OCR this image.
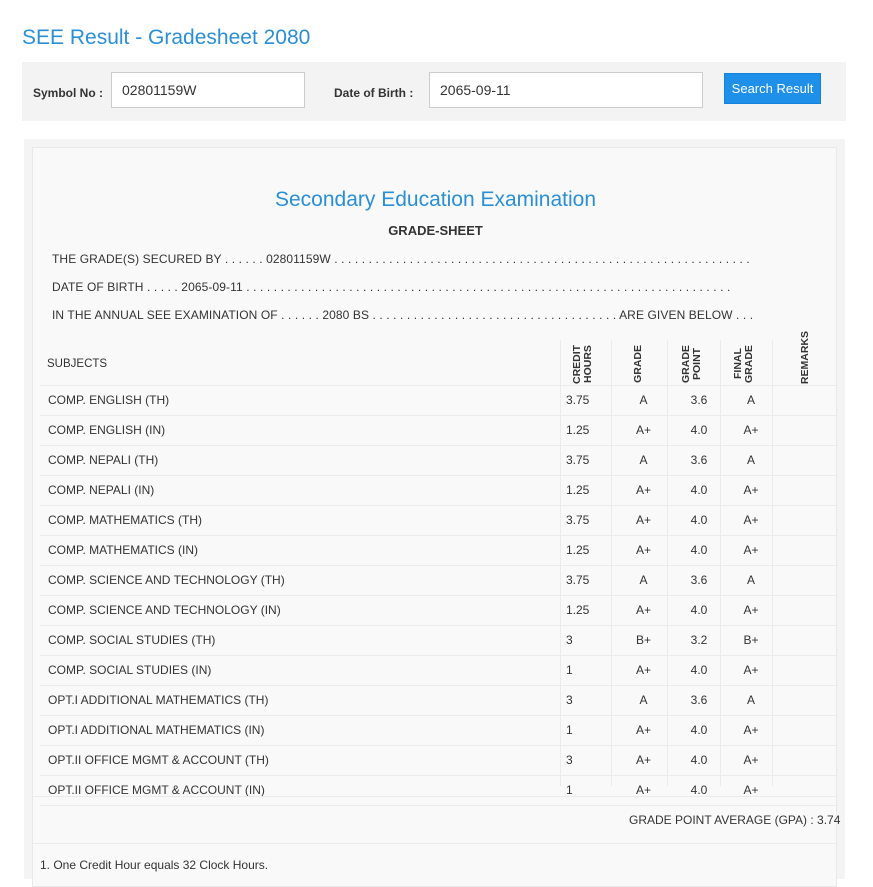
SEE Result - Gradesheet 2080
Symbol No :
02801159W	Date of Birth :
2065-09-11	Search Result
Secondary Education Examination
GRADE-SHEET
THE GRADE(S) SECURED BY . . . . . . 02801159W . . . . . . . . . . . . . . . . . . . . . . . . . . . . . . . . . . . . . . . . . . . . . . . . . . . . . . . . . . . . .
DATE OF BIRTH . . . . . 2065-09-11 . . . . . . . . . . . . . . . . . . . . . . . . . . . . . . . . . . . . . . . . . . . . . . . . . . . . . . . . . . . . . . . . . . . . . . .
IN THE ANNUAL SEE EXAMINATION OF . . . . . . 2080 BS . . . . . . . . . . . . . . . . . . . . . . . . . . . . . . . . . . . . ARE GIVEN BELOW . . .
SUBJECTS	CREDIT HOURS	GRADE	GRADE POINT	FINAL GRADE	REMARKS
COMP. ENGLISH (TH)	3.75	A	3.6	A
COMP. ENGLISH (IN)	1.25	A+	4.0	A+
COMP. NEPALI (TH)	3.75	A	3.6	A
COMP. NEPALI (IN)	1.25	A+	4.0	A+
COMP. MATHEMATICS (TH)	3.75	A+	4.0	A+
COMP. MATHEMATICS (IN)	1.25	A+	4.0	A+
COMP. SCIENCE AND TECHNOLOGY (TH)	3.75	A	3.6	A
COMP. SCIENCE AND TECHNOLOGY (IN)	1.25	A+	4.0	A+
COMP. SOCIAL STUDIES (TH)	3	B+	3.2	B+
COMP. SOCIAL STUDIES (IN)	1	A+	4.0	A+
OPT.I ADDITIONAL MATHEMATICS (TH)	3	A	3.6	A
OPT.I ADDITIONAL MATHEMATICS (IN)	1	A+	4.0	A+
OPT.II OFFICE MGMT & ACCOUNT (TH)	3	A+	4.0	A+
OPT.II OFFICE MGMT & ACCOUNT (IN)	1	A+	4.0	A+
GRADE POINT AVERAGE (GPA) : 3.74
1. One Credit Hour equals 32 Clock Hours.
